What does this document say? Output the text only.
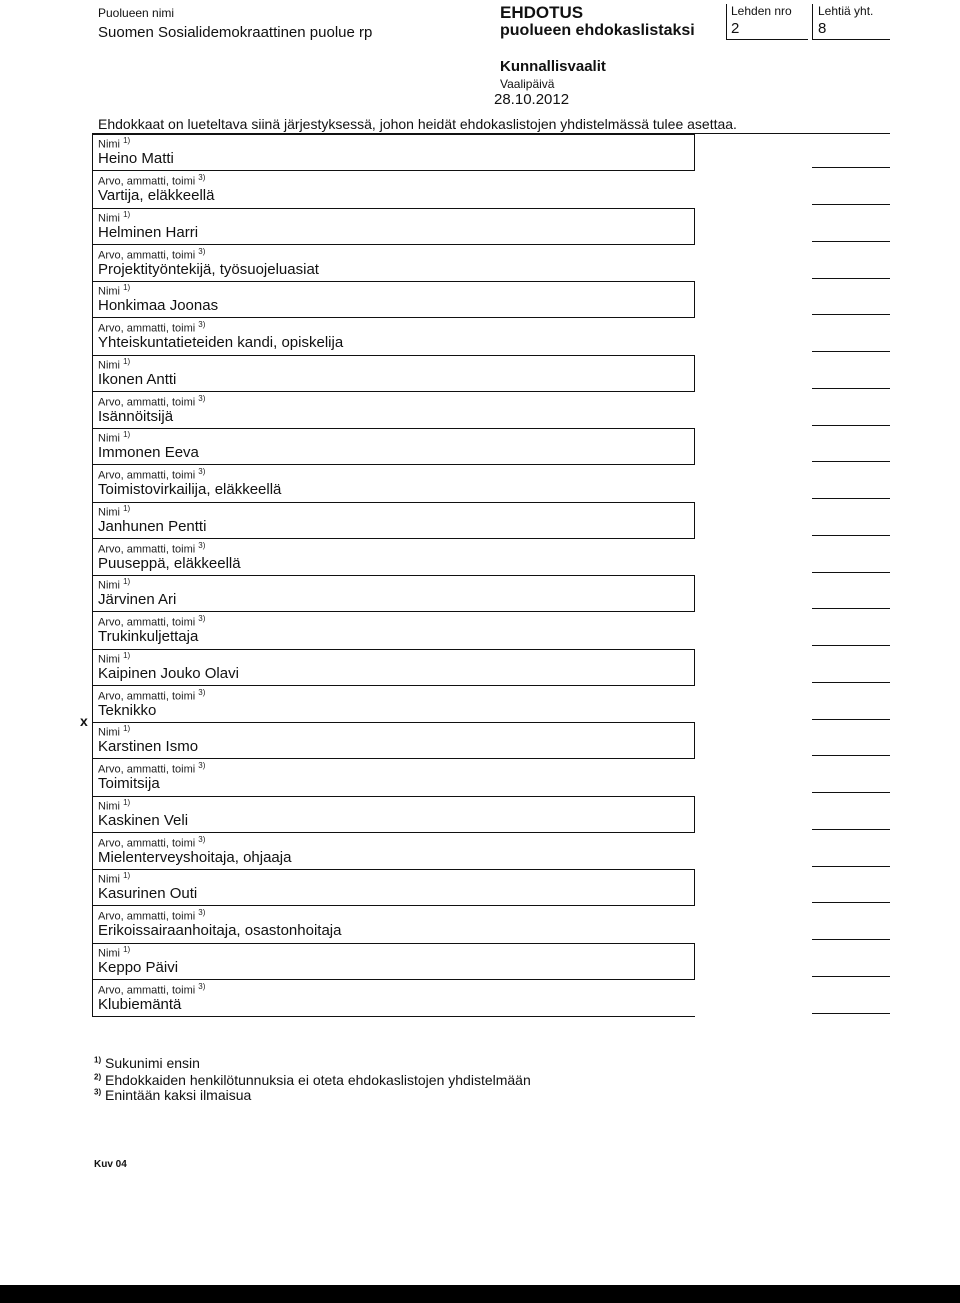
Puolueen nimi
Suomen Sosialidemokraattinen puolue rp
EHDOTUS
puolueen ehdokaslistaksi
Lehden nro
2
Lehtiä yht.
8
Kunnallisvaalit
Vaalipäivä
28.10.2012
Ehdokkaat on lueteltava siinä järjestyksessä, johon heidät ehdokaslistojen yhdistelmässä tulee asettaa.
Nimi $^{1)}$
Heino Matti
Arvo, ammatti, toimi $^{3)}$
Vartija, eläkkeellä
Nimi $^{1)}$
Helminen Harri
Arvo, ammatti, toimi $^{3)}$
Projektityöntekijä, työsuojeluasiat
Nimi $^{1)}$
Honkimaa Joonas
Arvo, ammatti, toimi $^{3)}$
Yhteiskuntatieteiden kandi, opiskelija
Nimi $^{1)}$
Ikonen Antti
Arvo, ammatti, toimi $^{3)}$
Isännöitsijä
Nimi $^{1)}$
Immonen Eeva
Arvo, ammatti, toimi $^{3)}$
Toimistovirkailija, eläkkeellä
Nimi $^{1)}$
Janhunen Pentti
Arvo, ammatti, toimi $^{3)}$
Puuseppä, eläkkeellä
Nimi $^{1)}$
Järvinen Ari
Arvo, ammatti, toimi $^{3)}$
Trukinkuljettaja
Nimi $^{1)}$
Kaipinen Jouko Olavi
Arvo, ammatti, toimi $^{3)}$
Teknikko
Nimi $^{1)}$
Karstinen Ismo
Arvo, ammatti, toimi $^{3)}$
Toimitsija
Nimi $^{1)}$
Kaskinen Veli
Arvo, ammatti, toimi $^{3)}$
Mielenterveyshoitaja, ohjaaja
Nimi $^{1)}$
Kasurinen Outi
Arvo, ammatti, toimi $^{3)}$
Erikoissairaanhoitaja, osastonhoitaja
Nimi $^{1)}$
Keppo Päivi
Arvo, ammatti, toimi $^{3)}$
Klubiemäntä
x
$^{1)}$ Sukunimi ensin
$^{2)}$ Ehdokkaiden henkilötunnuksia ei oteta ehdokaslistojen yhdistelmään
$^{3)}$ Enintään kaksi ilmaisua
Kuv 04
